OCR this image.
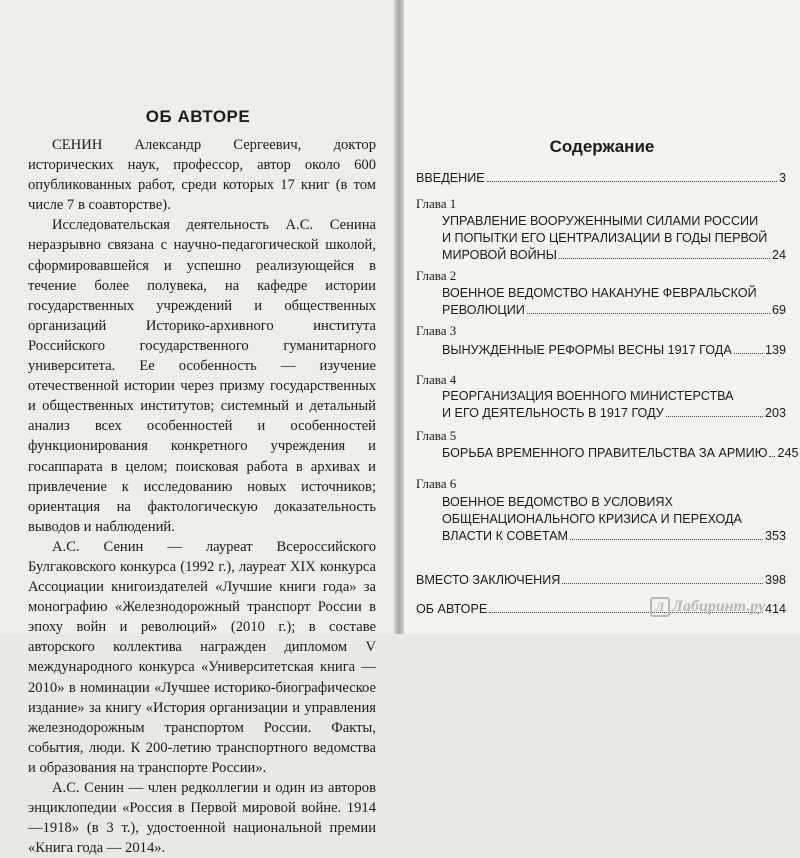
ОБ АВТОРЕ

СЕНИН Александр Сергеевич, доктор исторических наук, профессор, автор около 600 опубликованных работ, среди которых 17 книг (в том числе 7 в соавторстве).

Исследовательская деятельность А.С. Сенина неразрывно связана с научно-педагогической школой, сформировавшейся и успешно реализующейся в течение более полувека, на кафедре истории государственных учреждений и общественных организаций Историко-архивного института Российского государственного гуманитарного университета. Ее особенность — изучение отечественной истории через призму государственных и общественных институтов; системный и детальный анализ всех особенностей и особенностей функционирования конкретного учреждения и госаппарата в целом; поисковая работа в архивах и привлечение к исследованию новых источников; ориентация на фактологическую доказательность выводов и наблюдений.

А.С. Сенин — лауреат Всероссийского Булгаковского конкурса (1992 г.), лауреат XIX конкурса Ассоциации книгоиздателей «Лучшие книги года» за монографию «Железнодорожный транспорт России в эпоху войн и революций» (2010 г.); в составе авторского коллектива награжден дипломом V международного конкурса «Университетская книга — 2010» в номинации «Лучшее историко-биографическое издание» за книгу «История организации и управления железнодорожным транспортом России. Факты, события, люди. К 200-летию транспортного ведомства и образования на транспорте России».

А.С. Сенин — член редколлегии и один из авторов энциклопедии «Россия в Первой мировой войне. 1914—1918» (в 3 т.), удостоенной национальной премии «Книга года — 2014».

Содержание
ВВЕДЕНИЕ	3
Глава 1
УПРАВЛЕНИЕ ВООРУЖЕННЫМИ СИЛАМИ РОССИИ
И ПОПЫТКИ ЕГО ЦЕНТРАЛИЗАЦИИ В ГОДЫ ПЕРВОЙ
МИРОВОЙ ВОЙНЫ	24
Глава 2
ВОЕННОЕ ВЕДОМСТВО НАКАНУНЕ ФЕВРАЛЬСКОЙ
РЕВОЛЮЦИИ	69
Глава 3
ВЫНУЖДЕННЫЕ РЕФОРМЫ ВЕСНЫ 1917 ГОДА	139
Глава 4
РЕОРГАНИЗАЦИЯ ВОЕННОГО МИНИСТЕРСТВА
И ЕГО ДЕЯТЕЛЬНОСТЬ В 1917 ГОДУ	203
Глава 5
БОРЬБА ВРЕМЕННОГО ПРАВИТЕЛЬСТВА ЗА АРМИЮ 245
Глава 6
ВОЕННОЕ ВЕДОМСТВО В УСЛОВИЯХ
ОБЩЕНАЦИОНАЛЬНОГО КРИЗИСА И ПЕРЕХОДА
ВЛАСТИ К СОВЕТАМ	353
ВМЕСТО ЗАКЛЮЧЕНИЯ	398
ОБ АВТОРЕ	414
Л Лабиринт.ру
